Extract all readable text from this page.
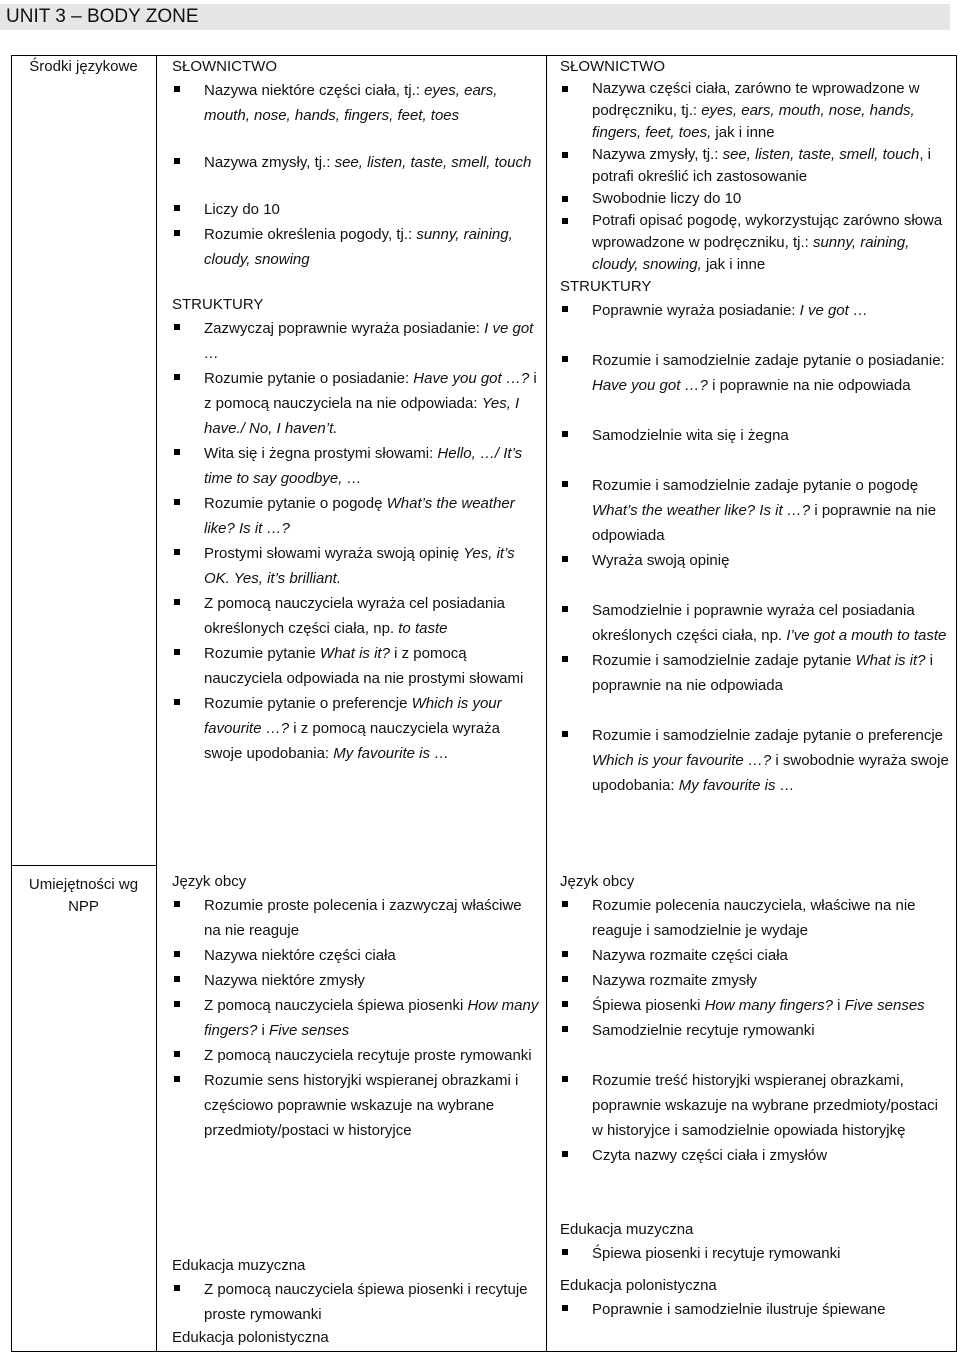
UNIT 3 – BODY ZONE
Środki językowe
Umiejętności wg
NPP
SŁOWNICTWO
Nazywa niektóre części ciała, tj.: eyes, ears, mouth, nose, hands, fingers, feet, toes
Nazywa zmysły, tj.: see, listen, taste, smell, touch
Liczy do 10
Rozumie określenia pogody, tj.: sunny, raining, cloudy, snowing
STRUKTURY
Zazwyczaj poprawnie wyraża posiadanie: I ve got …
Rozumie pytanie o posiadanie: Have you got …? i z pomocą nauczyciela na nie odpowiada: Yes, I have./ No, I haven’t.
Wita się i żegna prostymi słowami: Hello, …/ It’s time to say goodbye, …
Rozumie pytanie o pogodę What’s the weather like? Is it …?
Prostymi słowami wyraża swoją opinię Yes, it’s OK. Yes, it’s brilliant.
Z pomocą nauczyciela wyraża cel posiadania określonych części ciała, np. to taste
Rozumie pytanie What is it? i z pomocą nauczyciela odpowiada na nie prostymi słowami
Rozumie pytanie o preferencje Which is your favourite …? i z pomocą nauczyciela wyraża swoje upodobania: My favourite is …
Język obcy
Rozumie proste polecenia i zazwyczaj właściwe na nie reaguje
Nazywa niektóre części ciała
Nazywa niektóre zmysły
Z pomocą nauczyciela śpiewa piosenki How many fingers? i Five senses
Z pomocą nauczyciela recytuje proste rymowanki
Rozumie sens historyjki wspieranej obrazkami i częściowo poprawnie wskazuje na wybrane przedmioty/postaci w historyjce
Edukacja muzyczna
Z pomocą nauczyciela śpiewa piosenki i recytuje proste rymowanki
Edukacja polonistyczna
SŁOWNICTWO
Nazywa części ciała, zarówno te wprowadzone w podręczniku, tj.: eyes, ears, mouth, nose, hands, fingers, feet, toes, jak i inne
Nazywa zmysły, tj.: see, listen, taste, smell, touch, i potrafi określić ich zastosowanie
Swobodnie liczy do 10
Potrafi opisać pogodę, wykorzystując zarówno słowa wprowadzone w podręczniku, tj.: sunny, raining, cloudy, snowing, jak i inne
STRUKTURY
Poprawnie wyraża posiadanie: I ve got …
Rozumie i samodzielnie zadaje pytanie o posiadanie: Have you got …? i poprawnie na nie odpowiada
Samodzielnie wita się i żegna
Rozumie i samodzielnie zadaje pytanie o pogodę What’s the weather like? Is it …? i poprawnie na nie odpowiada
Wyraża swoją opinię
Samodzielnie i poprawnie wyraża cel posiadania określonych części ciała, np. I’ve got a mouth to taste
Rozumie i samodzielnie zadaje pytanie What is it? i poprawnie na nie odpowiada
Rozumie i samodzielnie zadaje pytanie o preferencje Which is your favourite …? i swobodnie wyraża swoje upodobania: My favourite is …
Język obcy
Rozumie polecenia nauczyciela, właściwe na nie reaguje i samodzielnie je wydaje
Nazywa rozmaite części ciała
Nazywa rozmaite zmysły
Śpiewa piosenki How many fingers? i Five senses
Samodzielnie recytuje rymowanki
Rozumie treść historyjki wspieranej obrazkami, poprawnie wskazuje na wybrane przedmioty/postaci w historyjce i samodzielnie opowiada historyjkę
Czyta nazwy części ciała i zmysłów
Edukacja muzyczna
Śpiewa piosenki i recytuje rymowanki
Edukacja polonistyczna
Poprawnie i samodzielnie ilustruje śpiewane
